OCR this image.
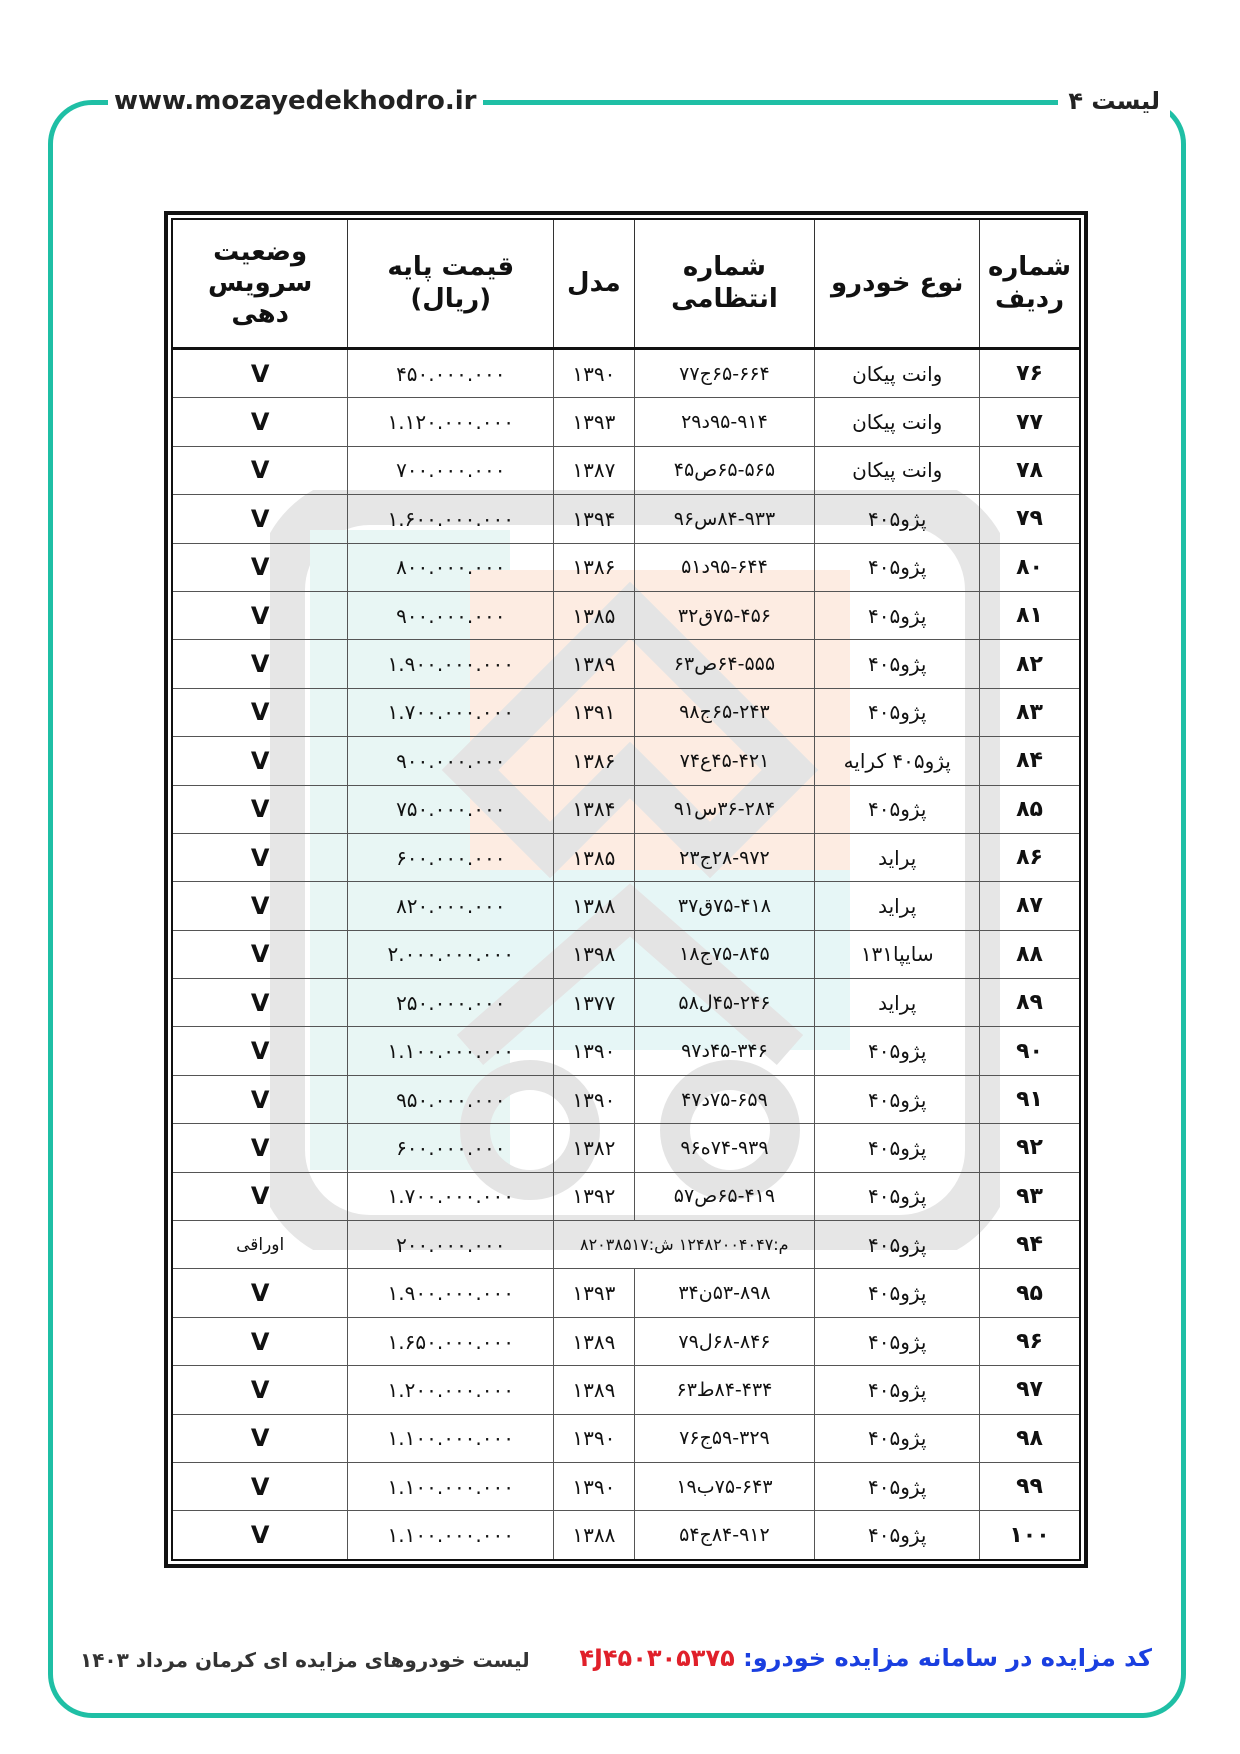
www.mozayedekhodro.ir	لیست ۴
شماره ردیف	نوع خودرو	شماره انتظامی	مدل	قیمت پایه (ریال)	وضعیت سرویس دهی
۷۶	وانت پیکان	۶۵-۶۶۴ج۷۷	۱۳۹۰	۴۵۰.۰۰۰.۰۰۰	V
۷۷	وانت پیکان	۹۵-۹۱۴د۲۹	۱۳۹۳	۱.۱۲۰.۰۰۰.۰۰۰	V
۷۸	وانت پیکان	۶۵-۵۶۵ص۴۵	۱۳۸۷	۷۰۰.۰۰۰.۰۰۰	V
۷۹	پژو۴۰۵	۸۴-۹۳۳س۹۶	۱۳۹۴	۱.۶۰۰.۰۰۰.۰۰۰	V
۸۰	پژو۴۰۵	۹۵-۶۴۴د۵۱	۱۳۸۶	۸۰۰.۰۰۰.۰۰۰	V
۸۱	پژو۴۰۵	۷۵-۴۵۶ق۳۲	۱۳۸۵	۹۰۰.۰۰۰.۰۰۰	V
۸۲	پژو۴۰۵	۶۴-۵۵۵ص۶۳	۱۳۸۹	۱.۹۰۰.۰۰۰.۰۰۰	V
۸۳	پژو۴۰۵	۶۵-۲۴۳ج۹۸	۱۳۹۱	۱.۷۰۰.۰۰۰.۰۰۰	V
۸۴	پژو۴۰۵ کرایه	۴۵-۴۲۱ع۷۴	۱۳۸۶	۹۰۰.۰۰۰.۰۰۰	V
۸۵	پژو۴۰۵	۳۶-۲۸۴س۹۱	۱۳۸۴	۷۵۰.۰۰۰.۰۰۰	V
۸۶	پراید	۲۸-۹۷۲ج۲۳	۱۳۸۵	۶۰۰.۰۰۰.۰۰۰	V
۸۷	پراید	۷۵-۴۱۸ق۳۷	۱۳۸۸	۸۲۰.۰۰۰.۰۰۰	V
۸۸	سایپا۱۳۱	۷۵-۸۴۵ج۱۸	۱۳۹۸	۲.۰۰۰.۰۰۰.۰۰۰	V
۸۹	پراید	۴۵-۲۴۶ل۵۸	۱۳۷۷	۲۵۰.۰۰۰.۰۰۰	V
۹۰	پژو۴۰۵	۴۵-۳۴۶د۹۷	۱۳۹۰	۱.۱۰۰.۰۰۰.۰۰۰	V
۹۱	پژو۴۰۵	۷۵-۶۵۹د۴۷	۱۳۹۰	۹۵۰.۰۰۰.۰۰۰	V
۹۲	پژو۴۰۵	۷۴-۹۳۹ه۹۶	۱۳۸۲	۶۰۰.۰۰۰.۰۰۰	V
۹۳	پژو۴۰۵	۶۵-۴۱۹ص۵۷	۱۳۹۲	۱.۷۰۰.۰۰۰.۰۰۰	V
۹۴	پژو۴۰۵	م:۱۲۴۸۲۰۰۴۰۴۷ ش:۸۲۰۳۸۵۱۷		۲۰۰.۰۰۰.۰۰۰	اوراقی
۹۵	پژو۴۰۵	۵۳-۸۹۸ن۳۴	۱۳۹۳	۱.۹۰۰.۰۰۰.۰۰۰	V
۹۶	پژو۴۰۵	۶۸-۸۴۶ل۷۹	۱۳۸۹	۱.۶۵۰.۰۰۰.۰۰۰	V
۹۷	پژو۴۰۵	۸۴-۴۳۴ط۶۳	۱۳۸۹	۱.۲۰۰.۰۰۰.۰۰۰	V
۹۸	پژو۴۰۵	۵۹-۳۲۹ج۷۶	۱۳۹۰	۱.۱۰۰.۰۰۰.۰۰۰	V
۹۹	پژو۴۰۵	۷۵-۶۴۳ب۱۹	۱۳۹۰	۱.۱۰۰.۰۰۰.۰۰۰	V
۱۰۰	پژو۴۰۵	۸۴-۹۱۲ج۵۴	۱۳۸۸	۱.۱۰۰.۰۰۰.۰۰۰	V
کد مزایده در سامانه مزایده خودرو: ۴J۴۵۰۳۰۵۳۷۵
لیست خودروهای مزایده ای کرمان مرداد ۱۴۰۳
